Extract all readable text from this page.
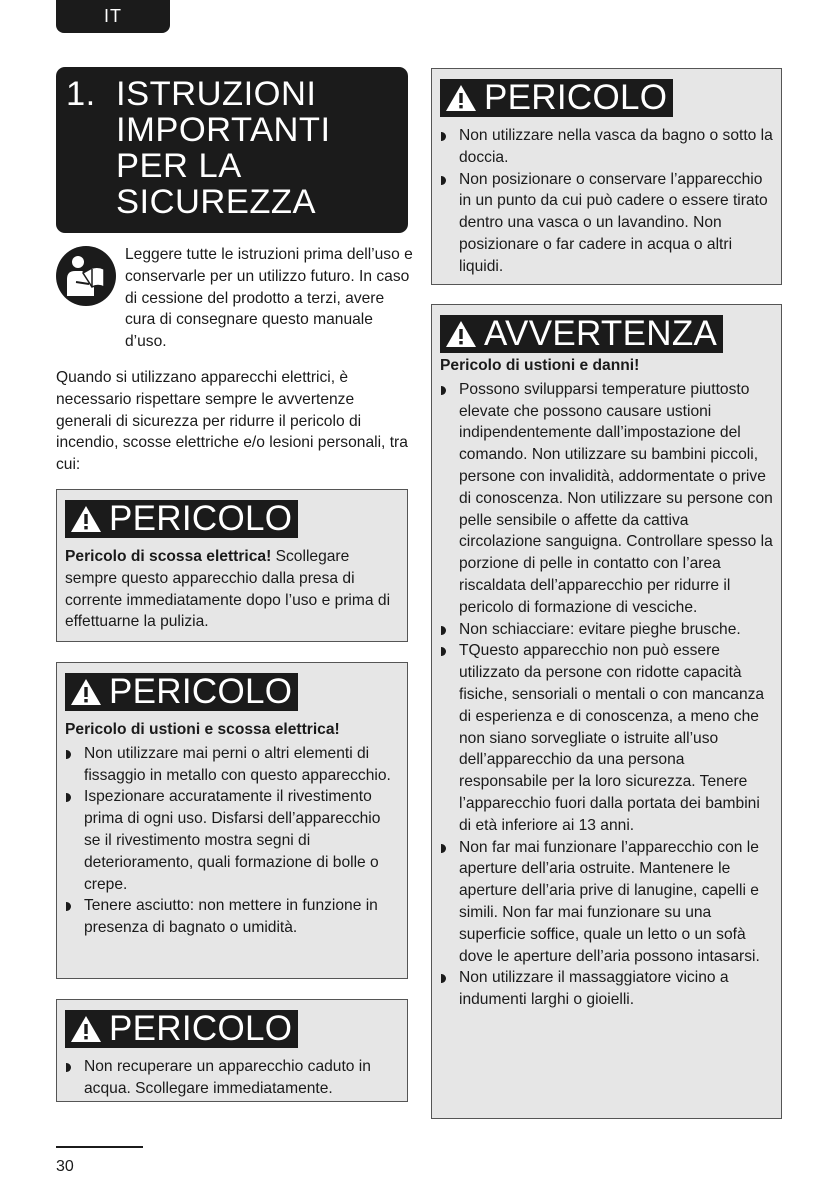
IT
1. ISTRUZIONI
IMPORTANTI
PER LA
SICUREZZA
Leggere tutte le istruzioni prima dell’uso e conservarle per un utilizzo futuro. In caso di cessione del prodotto a terzi, avere cura di consegnare questo manuale d’uso.
Quando si utilizzano apparecchi elettrici, è necessario rispettare sempre le avvertenze generali di sicurezza per ridurre il pericolo di incendio, scosse elettriche e/o lesioni personali, tra cui:
PERICOLO

Pericolo di scossa elettrica! Scollegare sempre questo apparecchio dalla presa di corrente immediatamente dopo l’uso e prima di effettuarne la pulizia.

PERICOLO

Pericolo di ustioni e scossa elettrica!

Non utilizzare mai perni o altri elementi di fissaggio in metallo con questo apparecchio.
Ispezionare accuratamente il rivestimento prima di ogni uso. Disfarsi dell’apparecchio se il rivestimento mostra segni di deterioramento, quali formazione di bolle o crepe.
Tenere asciutto: non mettere in funzione in presenza di bagnato o umidità.
PERICOLO
Non recuperare un apparecchio caduto in acqua. Scollegare immediatamente.
PERICOLO
Non utilizzare nella vasca da bagno o sotto la doccia.
Non posizionare o conservare l’apparecchio in un punto da cui può cadere o essere tirato dentro una vasca o un lavandino. Non posizionare o far cadere in acqua o altri liquidi.
AVVERTENZA

Pericolo di ustioni e danni!

Possono svilupparsi temperature piuttosto elevate che possono causare ustioni indipendentemente dall’impostazione del comando. Non utilizzare su bambini piccoli, persone con invalidità, addormentate o prive di conoscenza. Non utilizzare su persone con pelle sensibile o affette da cattiva circolazione sanguigna. Controllare spesso la porzione di pelle in contatto con l’area riscaldata dell’apparecchio per ridurre il pericolo di formazione di vesciche.
Non schiacciare: evitare pieghe brusche.
TQuesto apparecchio non può essere utilizzato da persone con ridotte capacità fisiche, sensoriali o mentali o con mancanza di esperienza e di conoscenza, a meno che non siano sorvegliate o istruite all’uso dell’apparecchio da una persona responsabile per la loro sicurezza. Tenere l’apparecchio fuori dalla portata dei bambini di età inferiore ai 13 anni.
Non far mai funzionare l’apparecchio con le aperture dell’aria ostruite. Mantenere le aperture dell’aria prive di lanugine, capelli e simili. Non far mai funzionare su una superficie soffice, quale un letto o un sofà dove le aperture dell’aria possono intasarsi.
Non utilizzare il massaggiatore vicino a indumenti larghi o gioielli.
30
